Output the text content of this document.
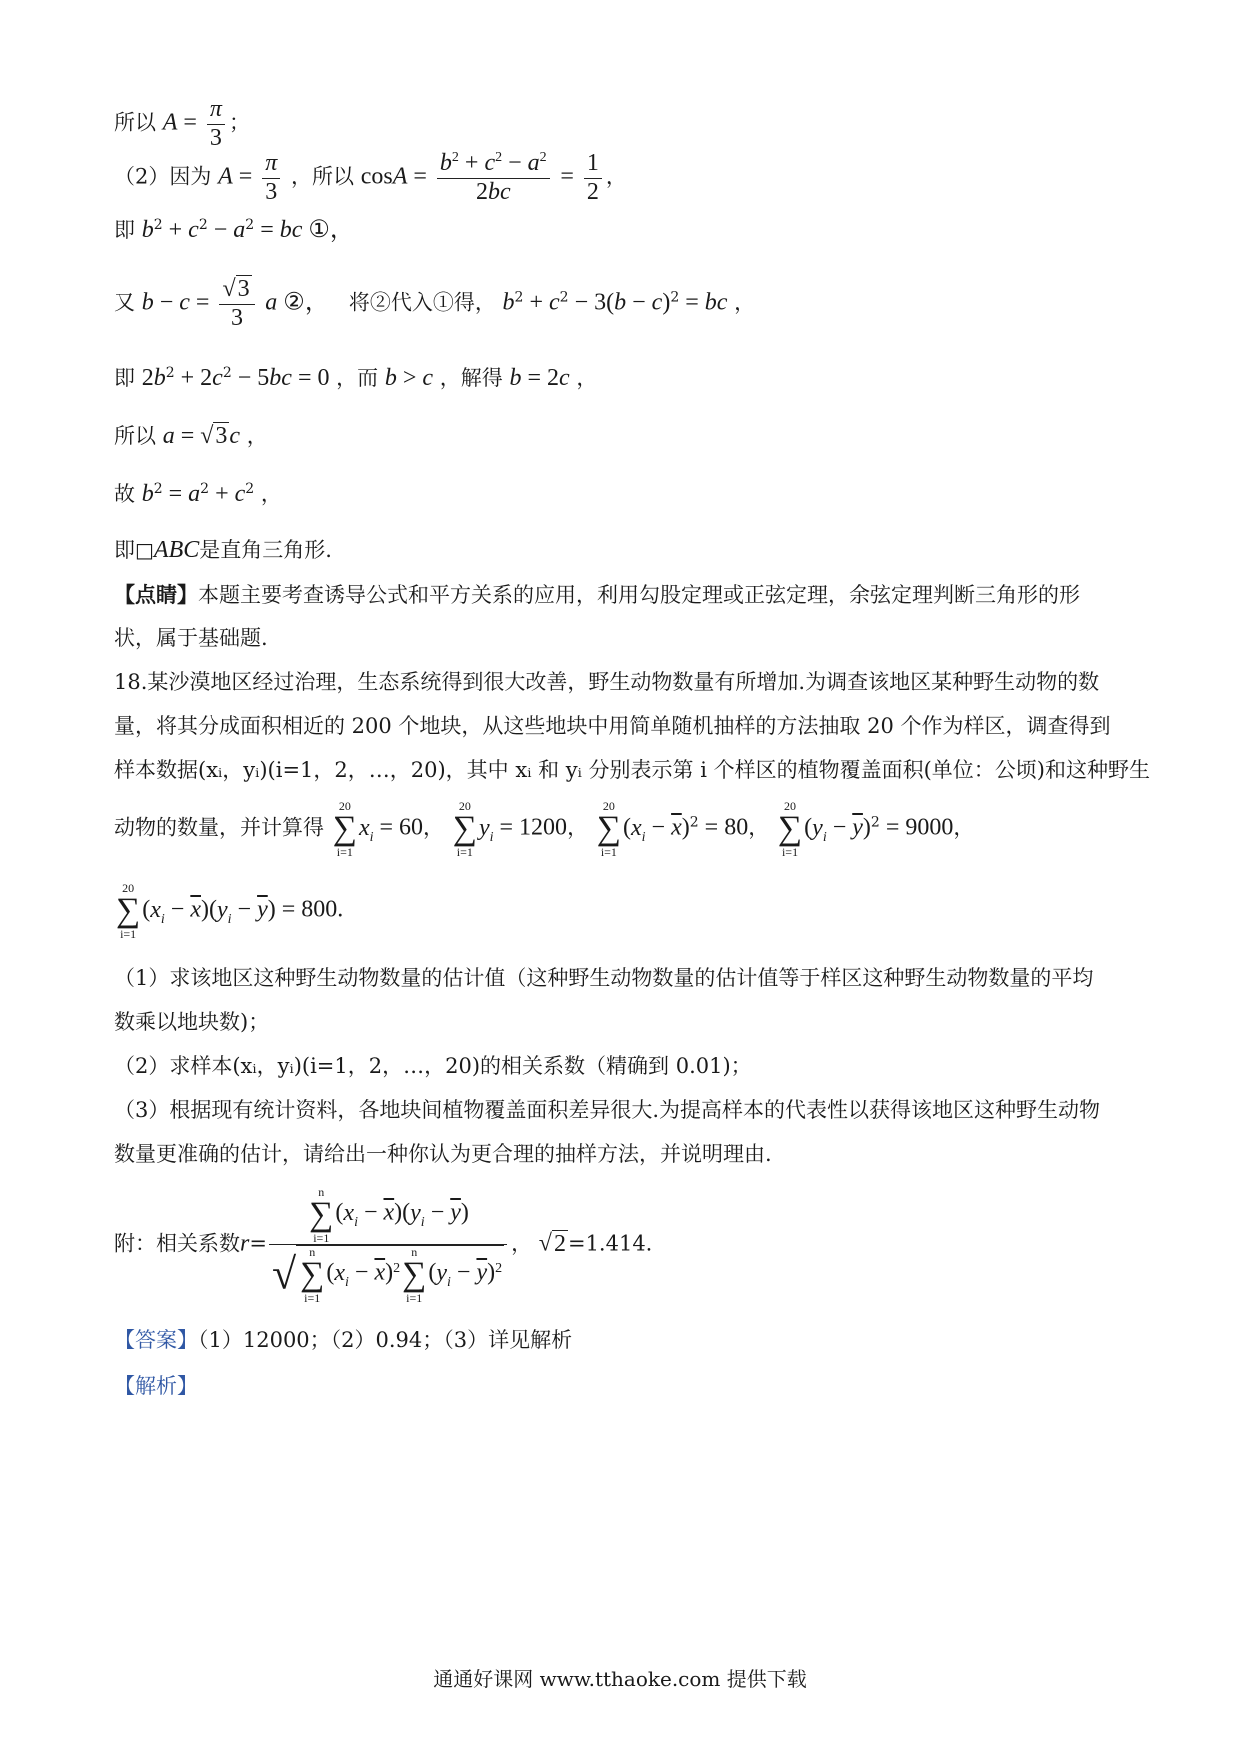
所以 $A = \frac{\pi}{3}$ ；
（2）因为 $A = \frac{\pi}{3}$ ，所以 $\cos A = \frac{b^2 + c^2 - a^2}{2bc} = \frac{1}{2}$ ，
即 $b^2 + c^2 - a^2$ = bc ①，
又 $b - c = \frac{√3}{3}$ a ②， 将②代入①得， $b^2 + c^2 - 3(b - c)^2$ = bc ，
即 $2b^2 + 2c^2 - 5bc = 0$ ，而 b > c ，解得 b = 2c ，
所以 a = √3c ，
故 $b^2 = a^2 + c^2$ ，
即□ABC是直角三角形.
【点睛】本题主要考查诱导公式和平方关系的应用，利用勾股定理或正弦定理，余弦定理判断三角形的形
状，属于基础题.
18.某沙漠地区经过治理，生态系统得到很大改善，野生动物数量有所增加.为调查该地区某种野生动物的数
量，将其分成面积相近的 200 个地块，从这些地块中用简单随机抽样的方法抽取 20 个作为样区，调查得到
样本数据(xᵢ，yᵢ)(i=1，2，…，20)，其中 xᵢ 和 yᵢ 分别表示第 i 个样区的植物覆盖面积(单位：公顷)和这种野生
动物的数量，并计算得
20
∑
i=1
$x_i = 60$，
20
∑
i=1
$y_i = 1200$，
20
∑
i=1
$(x_i - \overline{x})^2 = 80$，
20
∑
i=1
$(y_i - \overline{y})^2 = 9000$，
20
∑
i=1
$(x_i - \overline{x})(y_i - \overline{y}) = 800$.
（1）求该地区这种野生动物数量的估计值（这种野生动物数量的估计值等于样区这种野生动物数量的平均
数乘以地块数)；
（2）求样本(xᵢ，yᵢ)(i=1，2，…，20)的相关系数（精确到 0.01)；
（3）根据现有统计资料，各地块间植物覆盖面积差异很大.为提高样本的代表性以获得该地区这种野生动物
数量更准确的估计，请给出一种你认为更合理的抽样方法，并说明理由.
附：相关系数r= n
∑
i=1
$(x_i - \overline{x})(y_i - \overline{y})$
√	n
∑
i=1
$(x_i - \overline{x})^2$
n
∑
i=1
$(y_i - \overline{y})^2$ ， √2=1.414.
【答案】（1）12000；（2）0.94；（3）详见解析
【解析】
通通好课网 www.tthaoke.com 提供下载
